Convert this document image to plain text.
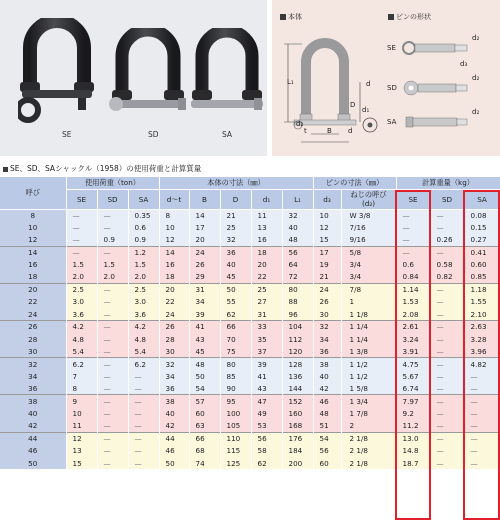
SE	SD	SA
本体	ピンの形状
L₁
d₂
t	B d
d
D
d₁
SE
d₂
d₃
SD
d₂
SA
d₂
SE、SD、SAシャックル（1958）の使用荷重と計算質量
呼び	使用荷重（ton）			本体の寸法（㎜）					ピンの寸法（㎜）		計算重量（kg）		
	SE	SD	SA	d〜t	B	D	d₁	L₁	d₃	ねじの呼び
(d₂)	SE	SD	SA
8	—	—	0.35	8	14	21	11	32	10	W 3/8	—	—	0.08
10	—	—	0.6	10	17	25	13	40	12	7/16	—	—	0.15
12	—	0.9	0.9	12	20	32	16	48	15	9/16	—	0.26	0.27
14	—	—	1.2	14	24	36	18	56	17	5/8	—	—	0.41
16	1.5	1.5	1.5	16	26	40	20	64	19	3/4	0.6	0.58	0.60
18	2.0	2.0	2.0	18	29	45	22	72	21	3/4	0.84	0.82	0.85
20	2.5	—	2.5	20	31	50	25	80	24	7/8	1.14	—	1.18
22	3.0	—	3.0	22	34	55	27	88	26	1	1.53	—	1.55
24	3.6	—	3.6	24	39	62	31	96	30	1 1/8	2.08	—	2.10
26	4.2	—	4.2	26	41	66	33	104	32	1 1/4	2.61	—	2.63
28	4.8	—	4.8	28	43	70	35	112	34	1 1/4	3.24	—	3.28
30	5.4	—	5.4	30	45	75	37	120	36	1 3/8	3.91	—	3.96
32	6.2	—	6.2	32	48	80	39	128	38	1 1/2	4.75	—	4.82
34	7	—	—	34	50	85	41	136	40	1 1/2	5.67	—	—
36	8	—	—	36	54	90	43	144	42	1 5/8	6.74	—	—
38	9	—	—	38	57	95	47	152	46	1 3/4	7.97	—	—
40	10	—	—	40	60	100	49	160	48	1 7/8	9.2	—	—
42	11	—	—	42	63	105	53	168	51	2	11.2	—	—
44	12	—	—	44	66	110	56	176	54	2 1/8	13.0	—	—
46	13	—	—	46	68	115	58	184	56	2 1/8	14.8	—	—
50	15	—	—	50	74	125	62	200	60	2 1/8	18.7	—	—
